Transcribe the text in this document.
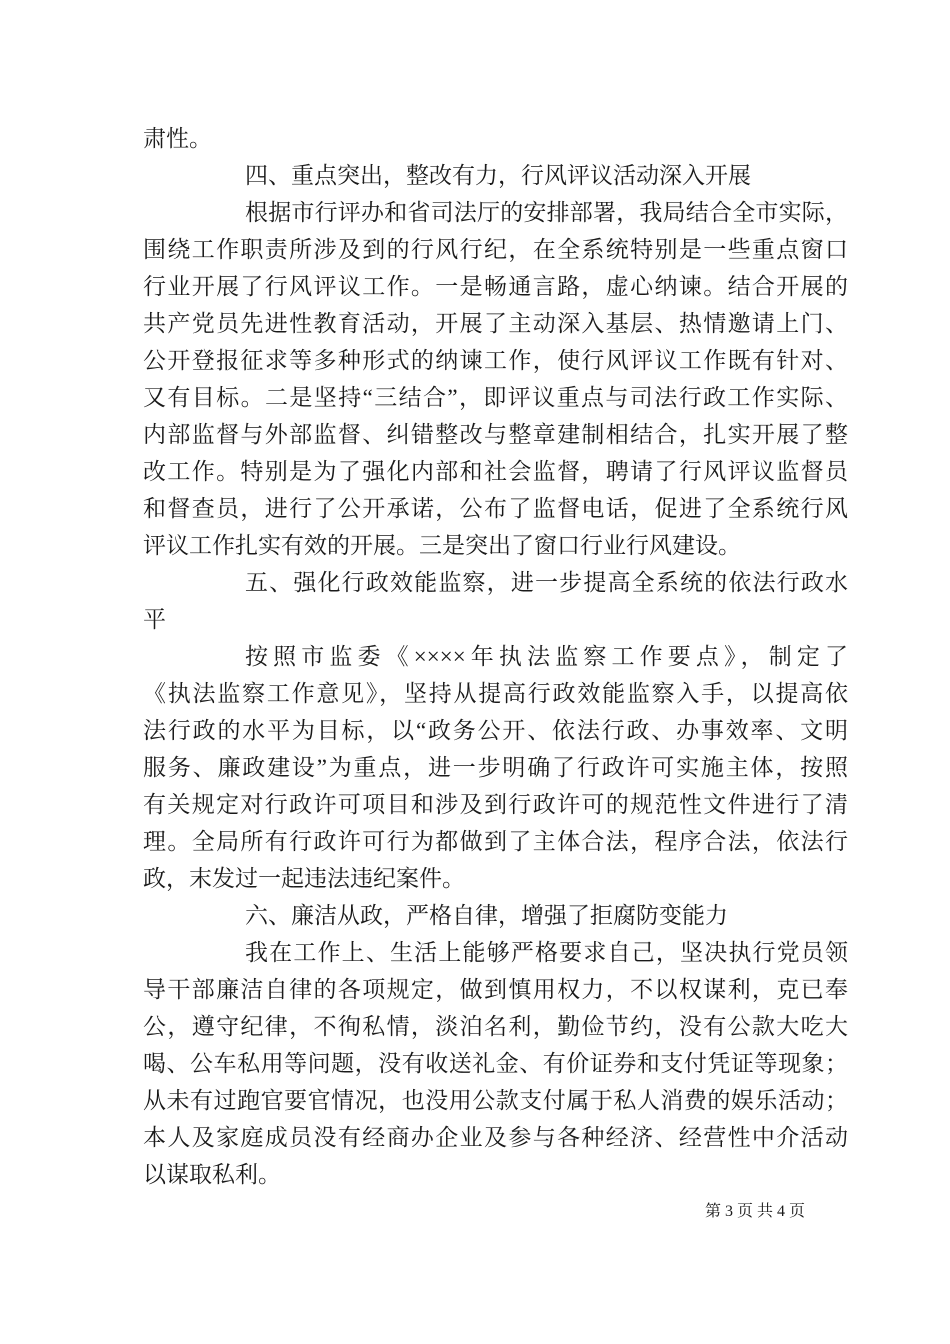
肃性。
四、重点突出，整改有力，行风评议活动深入开展
根据市行评办和省司法厅的安排部署，我局结合全市实际，
围绕工作职责所涉及到的行风行纪，在全系统特别是一些重点窗口
行业开展了行风评议工作。一是畅通言路，虚心纳谏。结合开展的
共产党员先进性教育活动，开展了主动深入基层、热情邀请上门、
公开登报征求等多种形式的纳谏工作，使行风评议工作既有针对、
又有目标。二是坚持“三结合”，即评议重点与司法行政工作实际、
内部监督与外部监督、纠错整改与整章建制相结合，扎实开展了整
改工作。特别是为了强化内部和社会监督，聘请了行风评议监督员
和督查员，进行了公开承诺，公布了监督电话，促进了全系统行风
评议工作扎实有效的开展。三是突出了窗口行业行风建设。
五、强化行政效能监察，进一步提高全系统的依法行政水
平
按照市监委《××××年执法监察工作要点》，制定了
《执法监察工作意见》，坚持从提高行政效能监察入手，以提高依
法行政的水平为目标，以“政务公开、依法行政、办事效率、文明
服务、廉政建设”为重点，进一步明确了行政许可实施主体，按照
有关规定对行政许可项目和涉及到行政许可的规范性文件进行了清
理。全局所有行政许可行为都做到了主体合法，程序合法，依法行
政，末发过一起违法违纪案件。
六、廉洁从政，严格自律，增强了拒腐防变能力
我在工作上、生活上能够严格要求自己，坚决执行党员领
导干部廉洁自律的各项规定，做到慎用权力，不以权谋利，克已奉
公，遵守纪律，不徇私情，淡泊名利，勤俭节约，没有公款大吃大
喝、公车私用等问题，没有收送礼金、有价证券和支付凭证等现象；
从未有过跑官要官情况，也没用公款支付属于私人消费的娱乐活动；
本人及家庭成员没有经商办企业及参与各种经济、经营性中介活动
以谋取私利。
第 3 页 共 4 页
